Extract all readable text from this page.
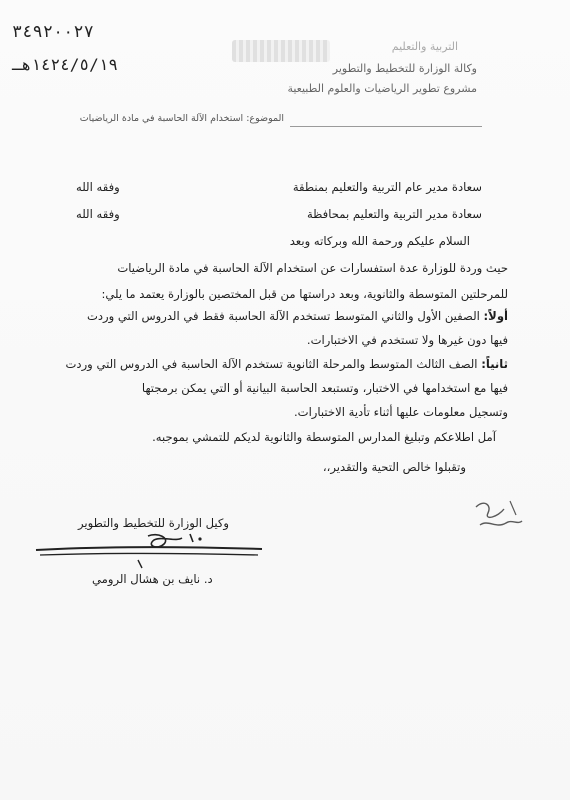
٣٤٩٢٠٠٢٧
١٤٢٤/٥/١٩هـ
التربية والتعليم
وكالة الوزارة للتخطيط والتطوير
مشروع تطوير الرياضيات والعلوم الطبيعية
الموضوع: استخدام الآلة الحاسبة في مادة الرياضيات
سعادة مدير عام التربية والتعليم بمنطقة
وفقه الله
سعادة مدير التربية والتعليم بمحافظة
وفقه الله
السلام عليكم ورحمة الله وبركاته وبعد
حيث وردة للوزارة عدة استفسارات عن استخدام الآلة الحاسبة في مادة الرياضيات
للمرحلتين المتوسطة والثانوية، وبعد دراستها من قبل المختصين بالوزارة يعتمد ما يلي:
أولاً: الصفين الأول والثاني المتوسط تستخدم الآلة الحاسبة فقط في الدروس التي وردت
فيها دون غيرها ولا تستخدم في الاختبارات.
ثانياً: الصف الثالث المتوسط والمرحلة الثانوية تستخدم الآلة الحاسبة في الدروس التي وردت
فيها مع استخدامها في الاختبار، وتستبعد الحاسبة البيانية أو التي يمكن برمجتها
وتسجيل معلومات عليها أثناء تأدية الاختبارات.
آمل اطلاعكم وتبليغ المدارس المتوسطة والثانوية لديكم للتمشي بموجبه.
وتقبلوا خالص التحية والتقدير،،
وكيل الوزارة للتخطيط والتطوير
د. نايف بن هشال الرومي
